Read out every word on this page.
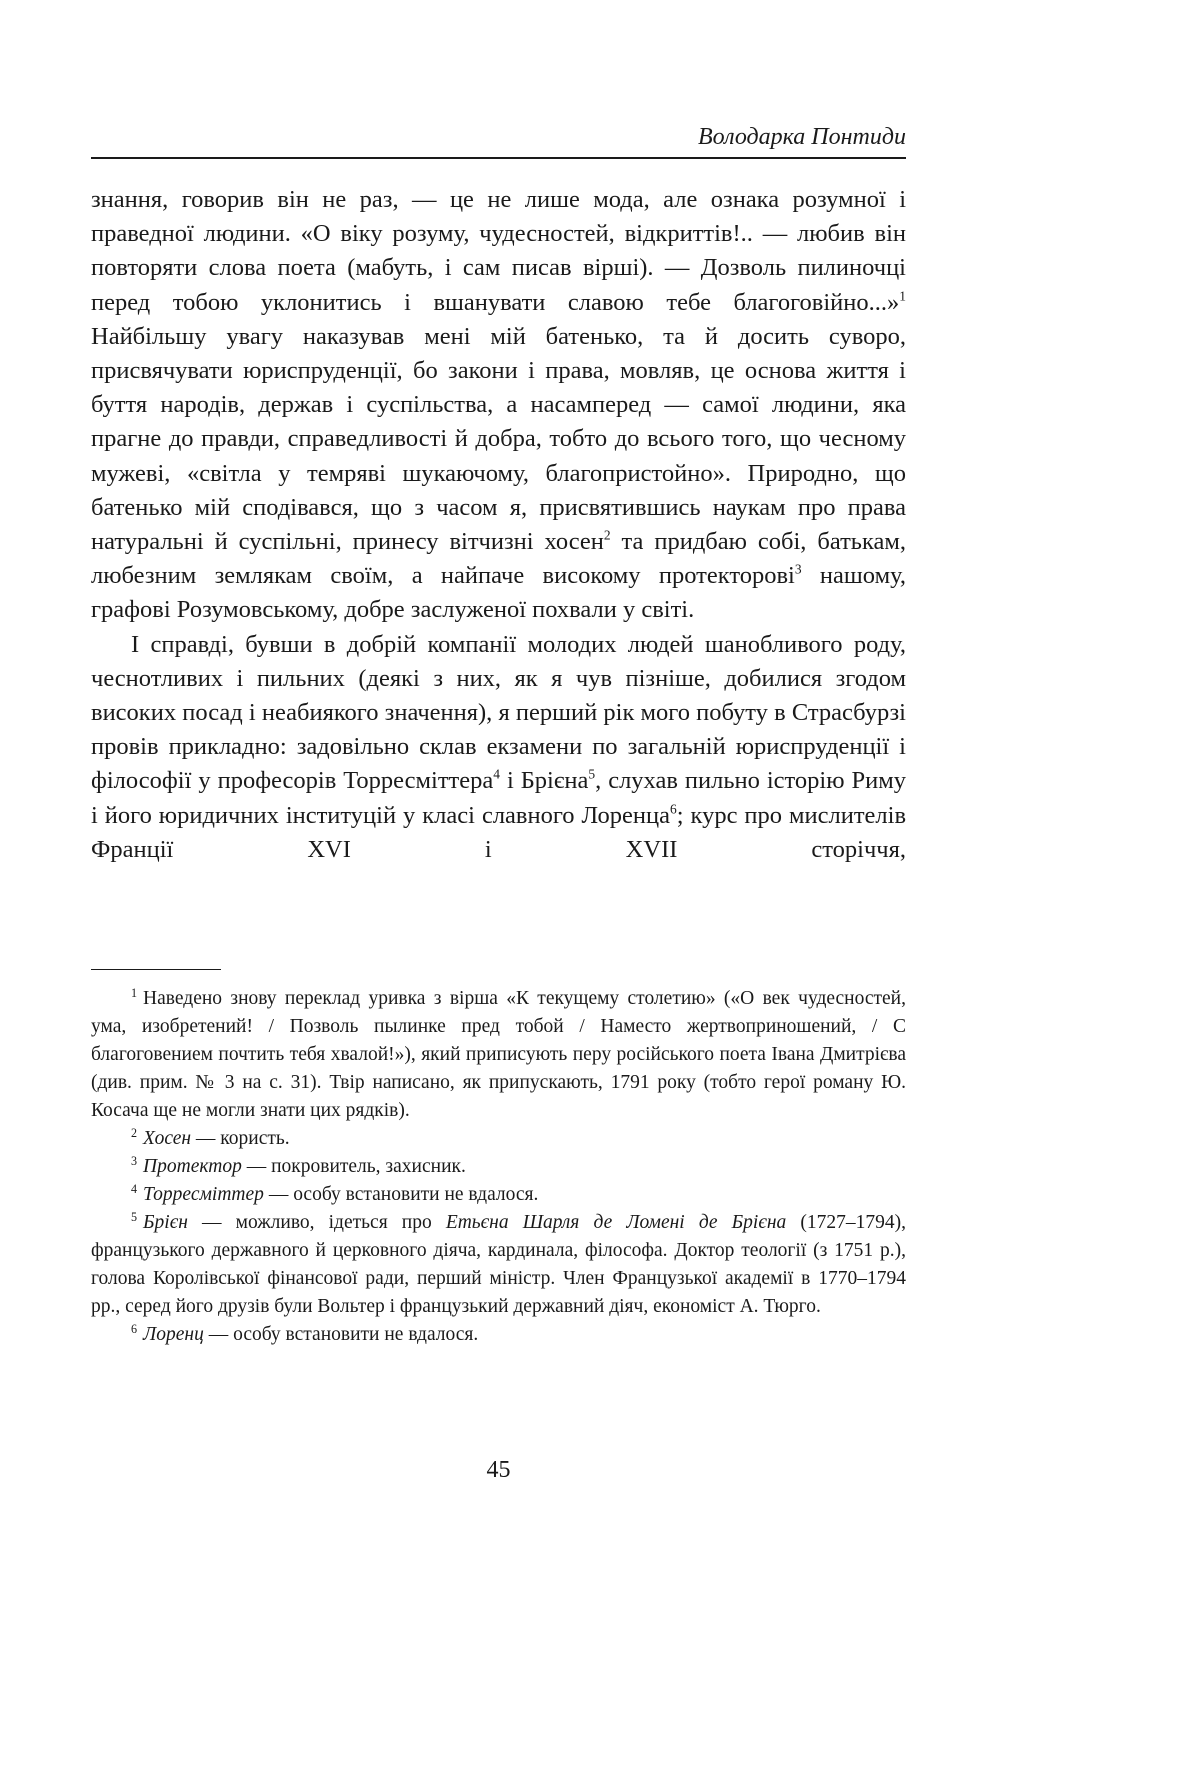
Володарка Понтиди

знання, говорив він не раз, — це не лише мода, але ознака розумної і праведної людини. «О віку розуму, чудесностей, відкриттів!.. — любив він повторяти слова поета (мабуть, і сам писав вірші). — Дозволь пилиночці перед тобою уклонитись і вшанувати славою тебе благоговійно...»$^1$ Найбільшу увагу наказував мені мій батенько, та й досить суворо, присвячувати юриспруденції, бо закони і права, мовляв, це основа життя і буття народів, держав і суспільства, а насамперед — самої людини, яка прагне до правди, справедливості й добра, тобто до всього того, що чесному мужеві, «світла у темряві шукаючому, благопристойно». Природно, що батенько мій сподівався, що з часом я, присвятившись наукам про права натуральні й суспільні, принесу вітчизні хосен$^2$ та придбаю собі, батькам, любезним землякам своїм, а найпаче високому протекторові$^3$ нашому, графові Розумовському, добре заслуженої похвали у світі.

І справді, бувши в добрій компанії молодих людей шанобливого роду, чеснотливих і пильних (деякі з них, як я чув пізніше, добилися згодом високих посад і неабиякого значення), я перший рік мого побуту в Страсбурзі провів прикладно: задовільно склав екзамени по загальній юриспруденції і філософії у професорів Торресміттера$^4$ і Брієна$^5$, слухав пильно історію Риму і його юридичних інституцій у класі славного Лоренца$^6$; курс про мислителів Франції XVI і XVII сторіччя,

$^1$ Наведено знову переклад уривка з вірша «К текущему столетию» («О век чудесностей, ума, изобретений! / Позволь пылинке пред тобой / Наместо жертвоприношений, / С благоговением почтить тебя хвалой!»), який приписують перу російського поета Івана Дмитрієва (див. прим. № 3 на с. 31). Твір написано, як припускають, 1791 року (тобто герої роману Ю. Косача ще не могли знати цих рядків).

$^2$ Хосен — користь.

$^3$ Протектор — покровитель, захисник.

$^4$ Торресміттер — особу встановити не вдалося.

$^5$ Брієн — можливо, ідеться про Етьєна Шарля де Ломені де Брієна (1727–1794), французького державного й церковного діяча, кардинала, філософа. Доктор теології (з 1751 р.), голова Королівської фінансової ради, перший міністр. Член Французької академії в 1770–1794 рр., серед його друзів були Вольтер і французький державний діяч, економіст А. Тюрго.

$^6$ Лоренц — особу встановити не вдалося.

45
